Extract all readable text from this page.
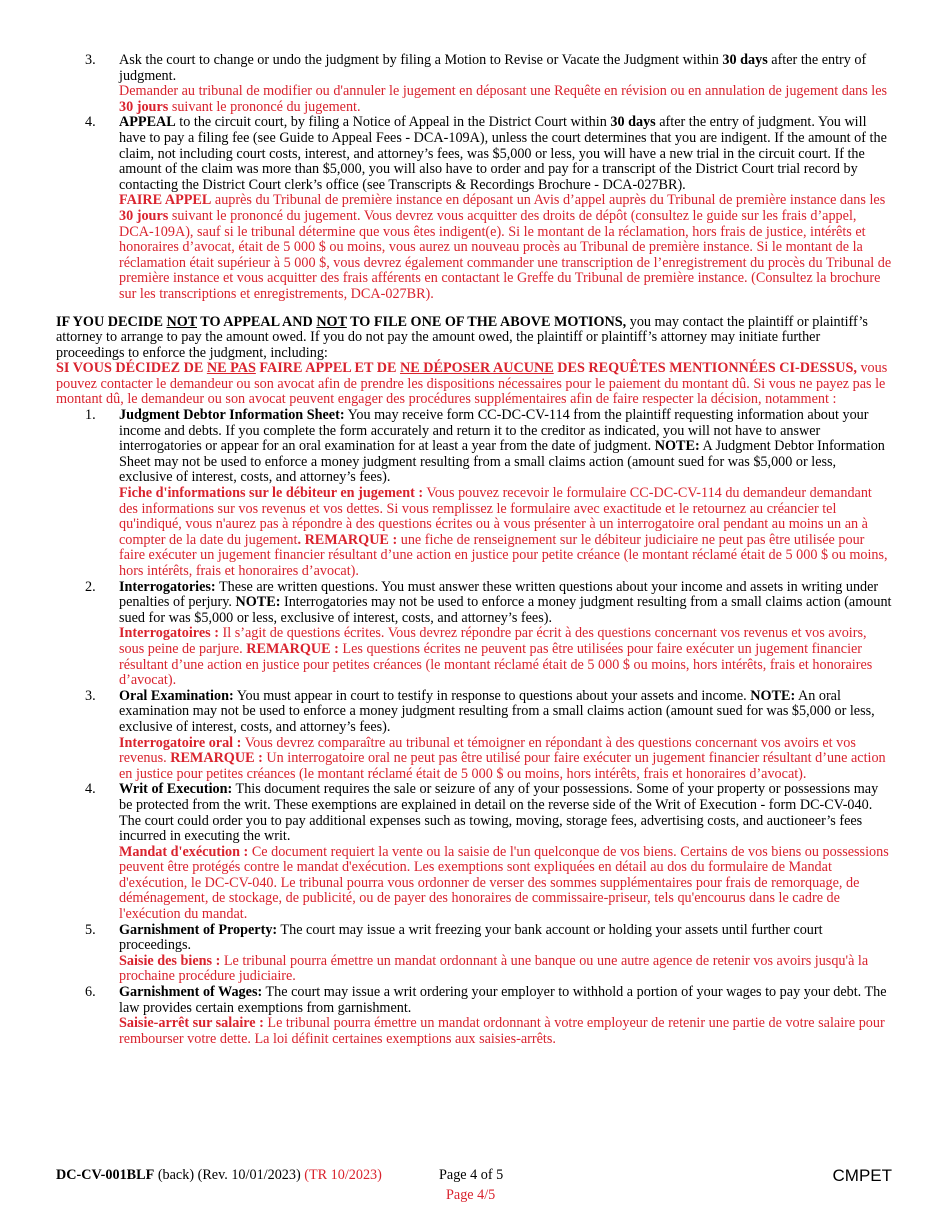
3. Ask the court to change or undo the judgment by filing a Motion to Revise or Vacate the Judgment within 30 days after the entry of judgment.
Demander au tribunal de modifier ou d'annuler le jugement en déposant une Requête en révision ou en annulation de jugement dans les 30 jours suivant le prononcé du jugement.
4. APPEAL to the circuit court, by filing a Notice of Appeal in the District Court within 30 days after the entry of judgment. You will have to pay a filing fee (see Guide to Appeal Fees - DCA-109A), unless the court determines that you are indigent. If the amount of the claim, not including court costs, interest, and attorney’s fees, was $5,000 or less, you will have a new trial in the circuit court. If the amount of the claim was more than $5,000, you will also have to order and pay for a transcript of the District Court trial record by contacting the District Court clerk’s office (see Transcripts & Recordings Brochure - DCA-027BR).
FAIRE APPEL auprès du Tribunal de première instance en déposant un Avis d’appel auprès du Tribunal de première instance dans les 30 jours suivant le prononcé du jugement. Vous devrez vous acquitter des droits de dépôt (consultez le guide sur les frais d’appel, DCA-109A), sauf si le tribunal détermine que vous êtes indigent(e). Si le montant de la réclamation, hors frais de justice, intérêts et honoraires d’avocat, était de 5 000 $ ou moins, vous aurez un nouveau procès au Tribunal de première instance. Si le montant de la réclamation était supérieur à 5 000 $, vous devrez également commander une transcription de l’enregistrement du procès du Tribunal de première instance et vous acquitter des frais afférents en contactant le Greffe du Tribunal de première instance. (Consultez la brochure sur les transcriptions et enregistrements, DCA-027BR).
IF YOU DECIDE NOT TO APPEAL AND NOT TO FILE ONE OF THE ABOVE MOTIONS, you may contact the plaintiff or plaintiff’s attorney to arrange to pay the amount owed. If you do not pay the amount owed, the plaintiff or plaintiff’s attorney may initiate further proceedings to enforce the judgment, including:
SI VOUS DÉCIDEZ DE NE PAS FAIRE APPEL ET DE NE DÉPOSER AUCUNE DES REQUÊTES MENTIONNÉES CI-DESSUS, vous pouvez contacter le demandeur ou son avocat afin de prendre les dispositions nécessaires pour le paiement du montant dû. Si vous ne payez pas le montant dû, le demandeur ou son avocat peuvent engager des procédures supplémentaires afin de faire respecter la décision, notamment :
1. Judgment Debtor Information Sheet: You may receive form CC-DC-CV-114 from the plaintiff requesting information about your income and debts. If you complete the form accurately and return it to the creditor as indicated, you will not have to answer interrogatories or appear for an oral examination for at least a year from the date of judgment. NOTE: A Judgment Debtor Information Sheet may not be used to enforce a money judgment resulting from a small claims action (amount sued for was $5,000 or less, exclusive of interest, costs, and attorney’s fees).
Fiche d'informations sur le débiteur en jugement : Vous pouvez recevoir le formulaire CC-DC-CV-114 du demandeur demandant des informations sur vos revenus et vos dettes. Si vous remplissez le formulaire avec exactitude et le retournez au créancier tel qu'indiqué, vous n'aurez pas à répondre à des questions écrites ou à vous présenter à un interrogatoire oral pendant au moins un an à compter de la date du jugement. REMARQUE : une fiche de renseignement sur le débiteur judiciaire ne peut pas être utilisée pour faire exécuter un jugement financier résultant d’une action en justice pour petite créance (le montant réclamé était de 5 000 $ ou moins, hors intérêts, frais et honoraires d’avocat).
2. Interrogatories: These are written questions. You must answer these written questions about your income and assets in writing under penalties of perjury. NOTE: Interrogatories may not be used to enforce a money judgment resulting from a small claims action (amount sued for was $5,000 or less, exclusive of interest, costs, and attorney’s fees).
Interrogatoires : Il s’agit de questions écrites. Vous devrez répondre par écrit à des questions concernant vos revenus et vos avoirs, sous peine de parjure. REMARQUE : Les questions écrites ne peuvent pas être utilisées pour faire exécuter un jugement financier résultant d’une action en justice pour petites créances (le montant réclamé était de 5 000 $ ou moins, hors intérêts, frais et honoraires d’avocat).
3. Oral Examination: You must appear in court to testify in response to questions about your assets and income. NOTE: An oral examination may not be used to enforce a money judgment resulting from a small claims action (amount sued for was $5,000 or less, exclusive of interest, costs, and attorney’s fees).
Interrogatoire oral : Vous devrez comparaître au tribunal et témoigner en répondant à des questions concernant vos avoirs et vos revenus. REMARQUE : Un interrogatoire oral ne peut pas être utilisé pour faire exécuter un jugement financier résultant d’une action en justice pour petites créances (le montant réclamé était de 5 000 $ ou moins, hors intérêts, frais et honoraires d’avocat).
4. Writ of Execution: This document requires the sale or seizure of any of your possessions. Some of your property or possessions may be protected from the writ. These exemptions are explained in detail on the reverse side of the Writ of Execution - form DC-CV-040. The court could order you to pay additional expenses such as towing, moving, storage fees, advertising costs, and auctioneer’s fees incurred in executing the writ.
Mandat d'exécution : Ce document requiert la vente ou la saisie de l'un quelconque de vos biens. Certains de vos biens ou possessions peuvent être protégés contre le mandat d'exécution. Les exemptions sont expliquées en détail au dos du formulaire de Mandat d'exécution, le DC-CV-040. Le tribunal pourra vous ordonner de verser des sommes supplémentaires pour frais de remorquage, de déménagement, de stockage, de publicité, ou de payer des honoraires de commissaire-priseur, tels qu'encourus dans le cadre de l'exécution du mandat.
5. Garnishment of Property: The court may issue a writ freezing your bank account or holding your assets until further court proceedings.
Saisie des biens : Le tribunal pourra émettre un mandat ordonnant à une banque ou une autre agence de retenir vos avoirs jusqu'à la prochaine procédure judiciaire.
6. Garnishment of Wages: The court may issue a writ ordering your employer to withhold a portion of your wages to pay your debt. The law provides certain exemptions from garnishment.
Saisie-arrêt sur salaire : Le tribunal pourra émettre un mandat ordonnant à votre employeur de retenir une partie de votre salaire pour rembourser votre dette. La loi définit certaines exemptions aux saisies-arrêts.
DC-CV-001BLF (back) (Rev. 10/01/2023) (TR 10/2023)	Page 4 of 5
Page 4/5
CMPET
